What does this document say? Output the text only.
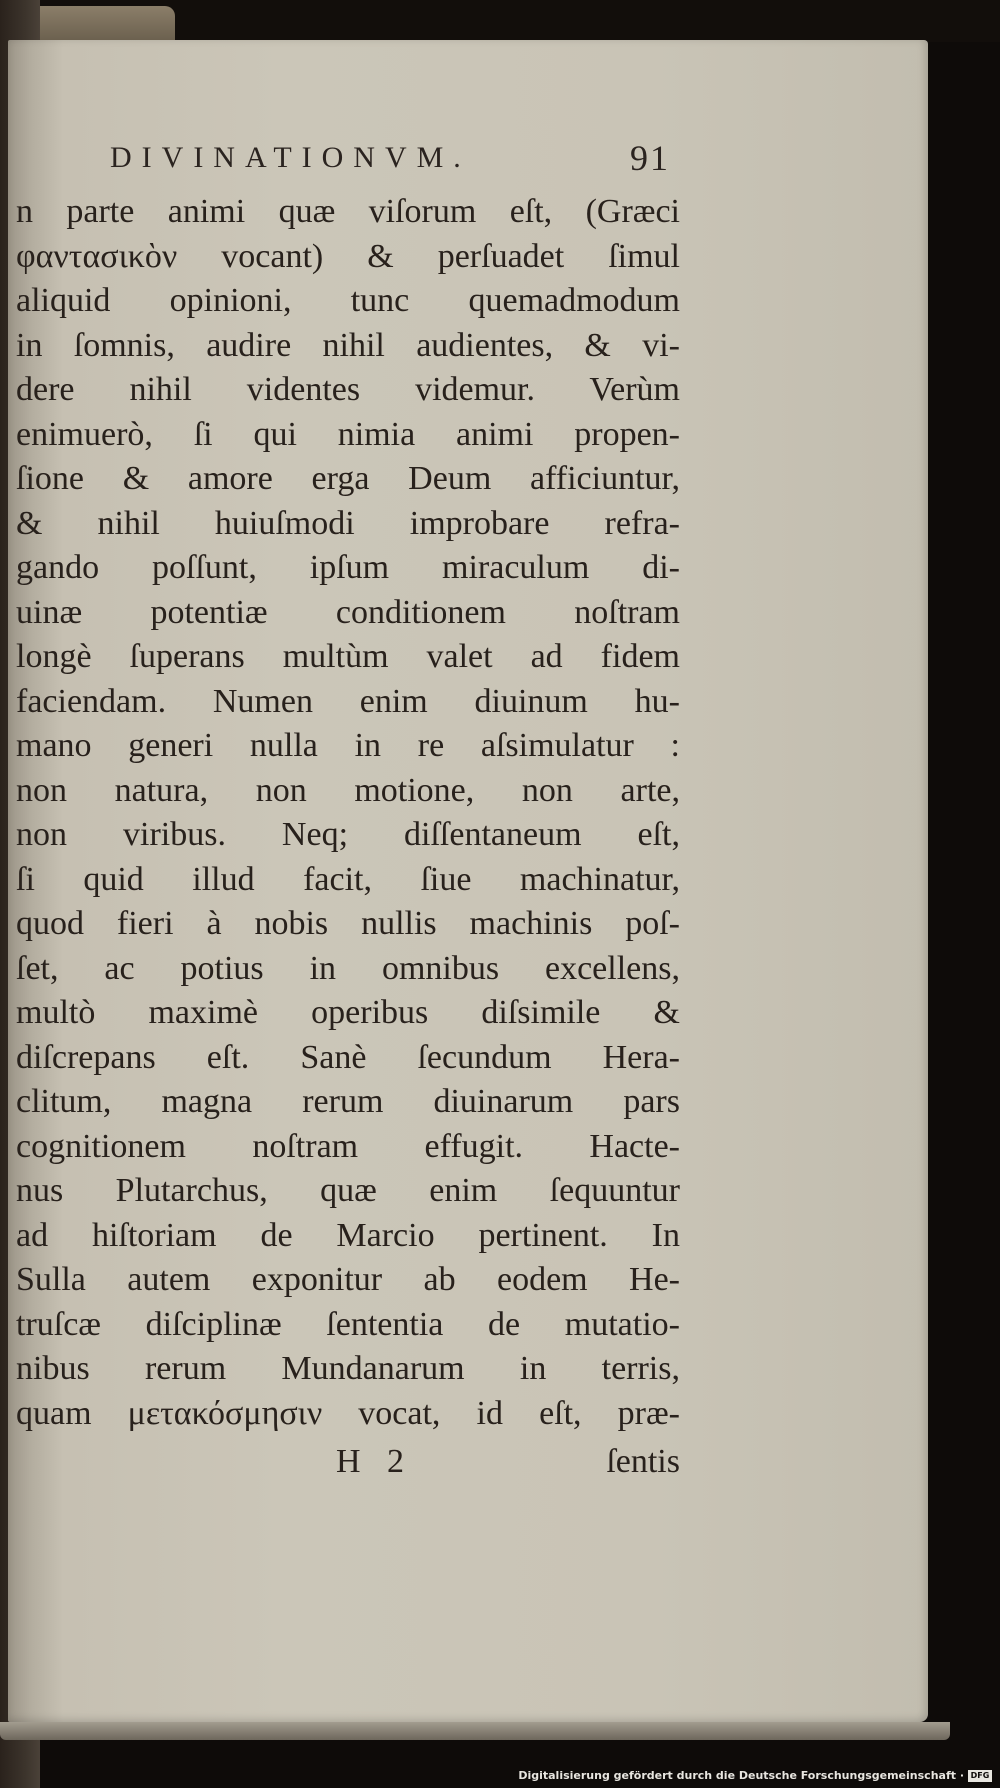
DIVINATIONVM.	91
n parte animi quæ viſorum eſt, (Græci
φαντασικὸν vocant) & perſuadet ſimul
aliquid opinioni, tunc quemadmodum
in ſomnis, audire nihil audientes, & vi-
dere nihil videntes videmur. Verùm
enimuerò, ſi qui nimia animi propen-
ſione & amore erga Deum afficiuntur,
& nihil huiuſmodi improbare refra-
gando poſſunt, ipſum miraculum di-
uinæ potentiæ conditionem noſtram
longè ſuperans multùm valet ad fidem
faciendam. Numen enim diuinum hu-
mano generi nulla in re aſsimulatur :
non natura, non motione, non arte,
non viribus. Neq; diſſentaneum eſt,
ſi quid illud facit, ſiue machinatur,
quod fieri à nobis nullis machinis poſ-
ſet, ac potius in omnibus excellens,
multò maximè operibus diſsimile &
diſcrepans eſt. Sanè ſecundum Hera-
clitum, magna rerum diuinarum pars
cognitionem noſtram effugit. Hacte-
nus Plutarchus, quæ enim ſequuntur
ad hiſtoriam de Marcio pertinent. In
Sulla autem exponitur ab eodem He-
truſcæ diſciplinæ ſententia de mutatio-
nibus rerum Mundanarum in terris,
quam μετακόσμησιν vocat, id eſt, præ-
H 2	ſentis
Digitalisierung gefördert durch die Deutsche Forschungsgemeinschaft · DFG
